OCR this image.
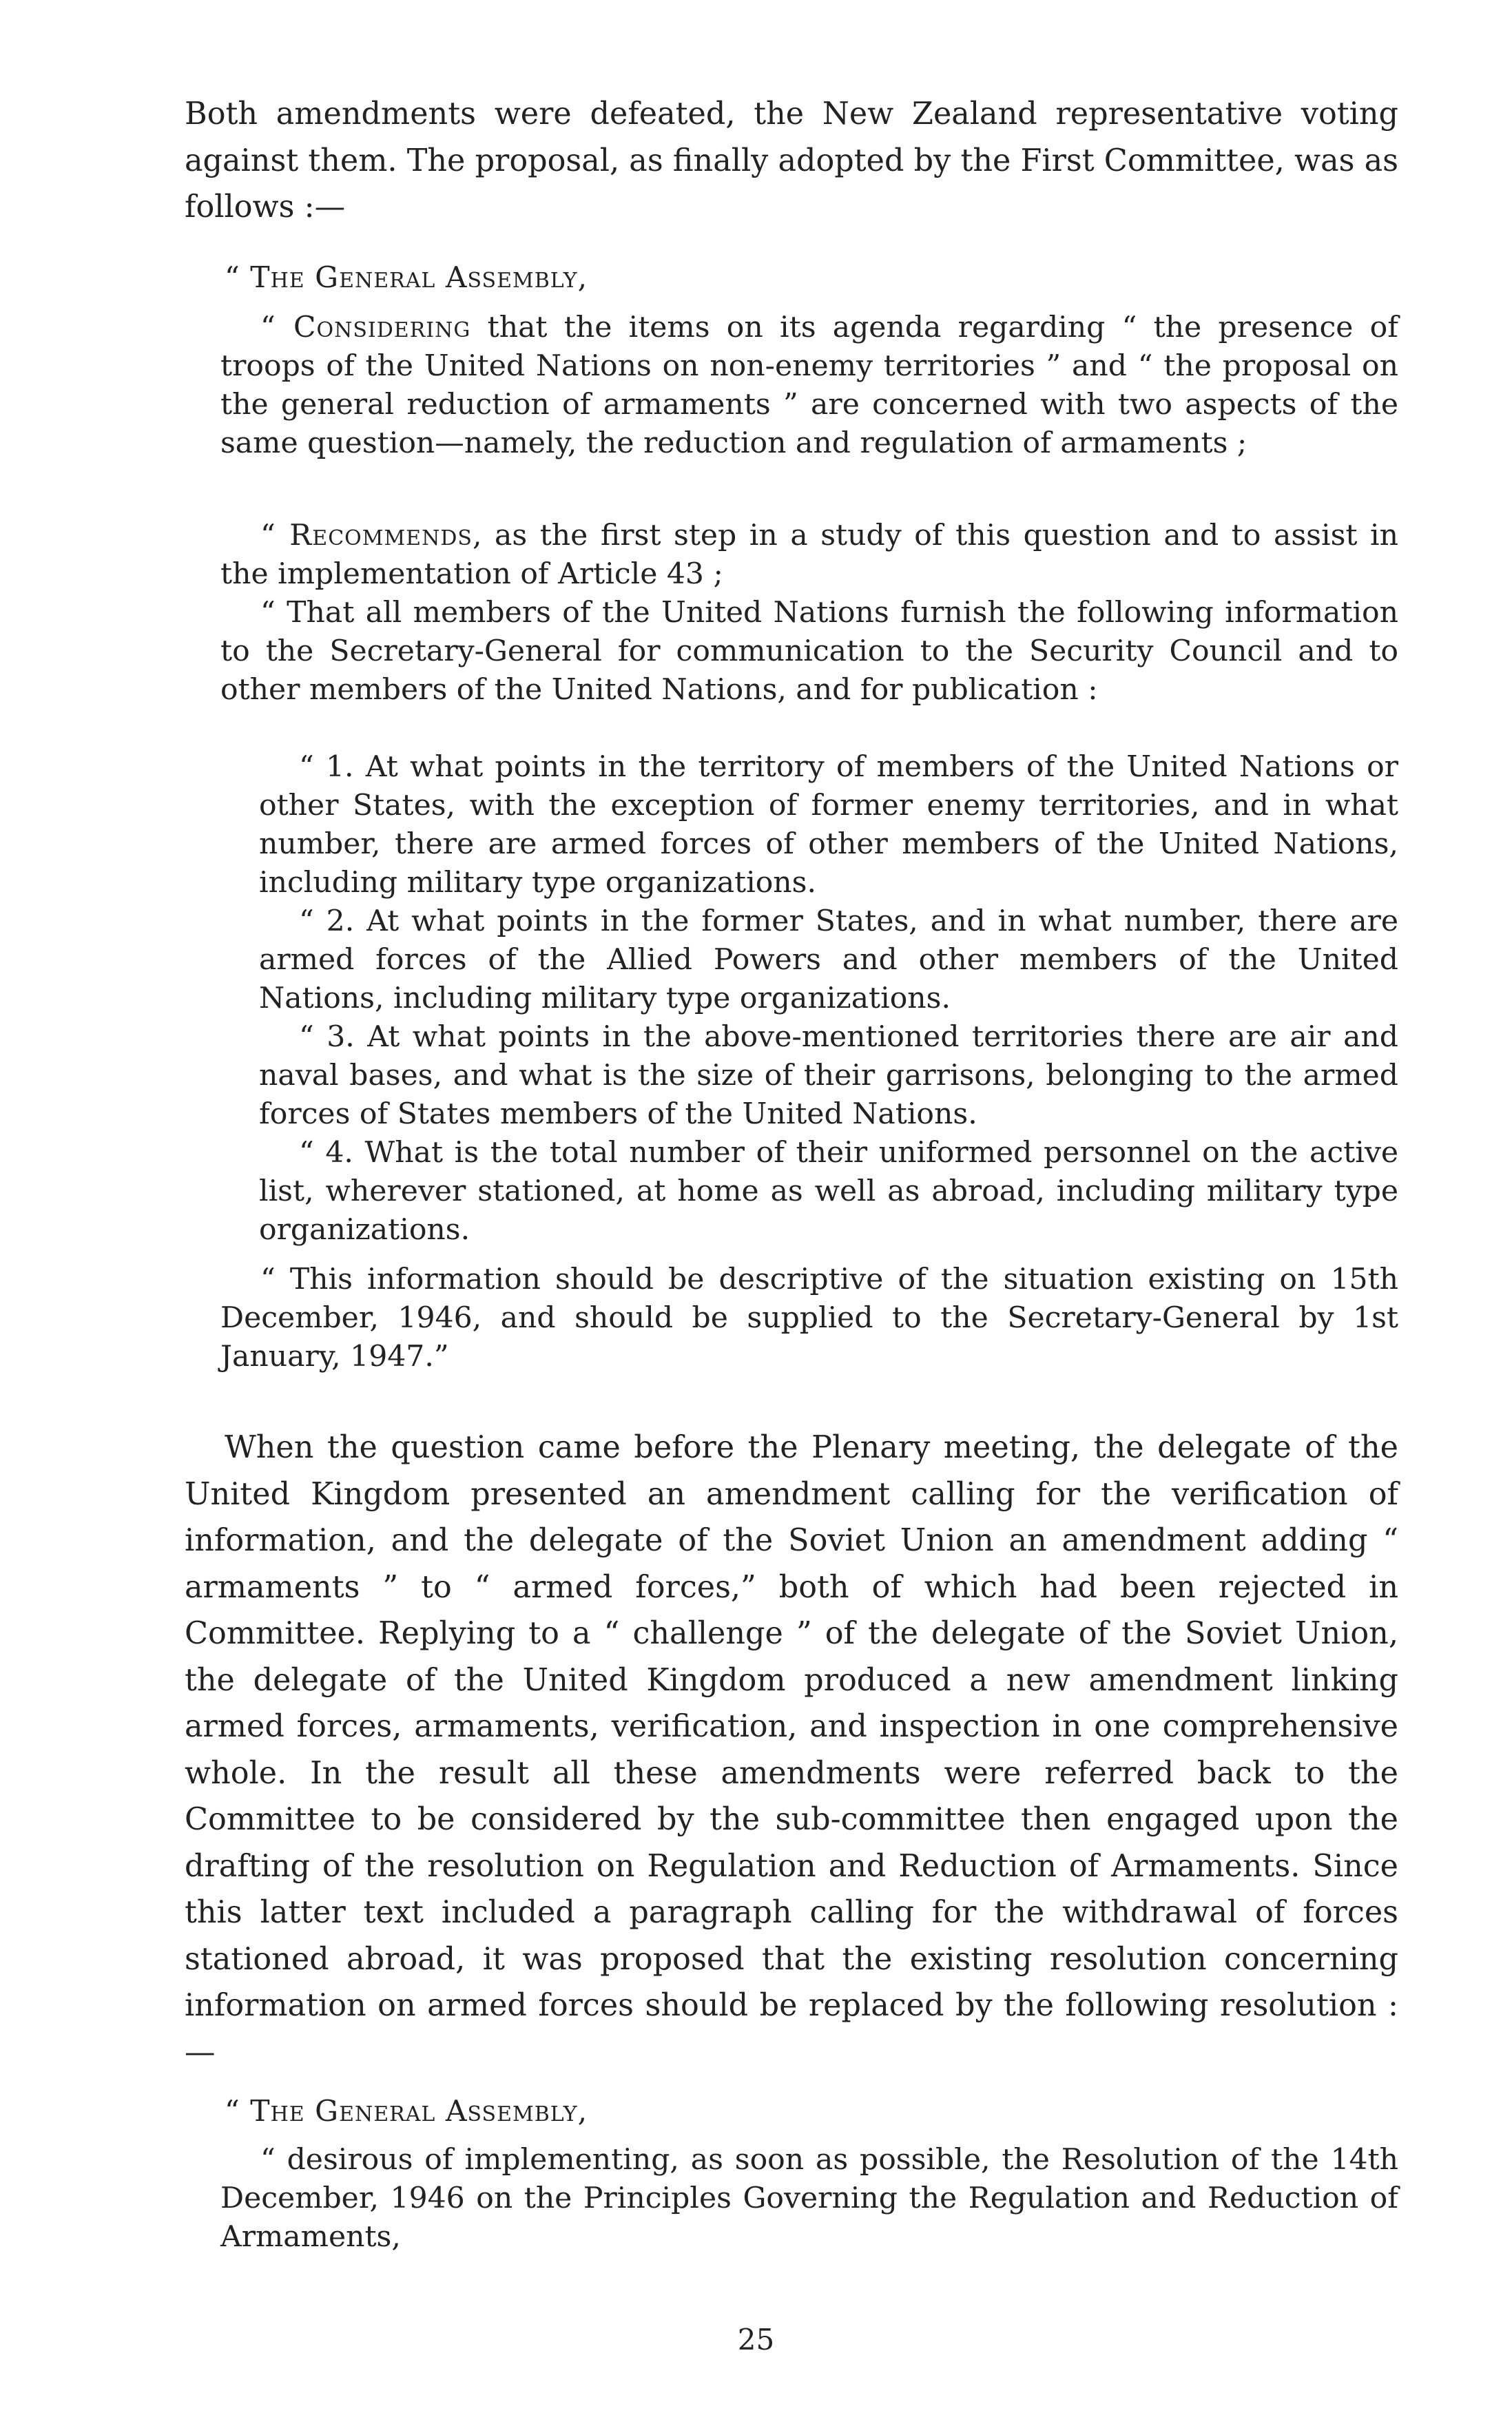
Both amendments were defeated, the New Zealand representative voting against them. The proposal, as finally adopted by the First Committee, was as follows :—

“ The General Assembly,

“ Considering that the items on its agenda regarding “ the presence of troops of the United Nations on non-enemy territories ” and “ the proposal on the general reduction of armaments ” are concerned with two aspects of the same question—namely, the reduction and regulation of armaments ;

“ Recommends, as the first step in a study of this question and to assist in the implementation of Article 43 ;

“ That all members of the United Nations furnish the following information to the Secretary-General for communication to the Security Council and to other members of the United Nations, and for publication :

“ 1. At what points in the territory of members of the United Nations or other States, with the exception of former enemy territories, and in what number, there are armed forces of other members of the United Nations, including military type organizations.

“ 2. At what points in the former States, and in what number, there are armed forces of the Allied Powers and other members of the United Nations, including military type organizations.

“ 3. At what points in the above-mentioned territories there are air and naval bases, and what is the size of their garrisons, belonging to the armed forces of States members of the United Nations.

“ 4. What is the total number of their uniformed personnel on the active list, wherever stationed, at home as well as abroad, including military type organizations.

“ This information should be descriptive of the situation existing on 15th December, 1946, and should be supplied to the Secretary-General by 1st January, 1947.”

When the question came before the Plenary meeting, the delegate of the United Kingdom presented an amendment calling for the verification of information, and the delegate of the Soviet Union an amendment adding “ armaments ” to “ armed forces,” both of which had been rejected in Committee. Replying to a “ challenge ” of the delegate of the Soviet Union, the delegate of the United Kingdom produced a new amendment linking armed forces, armaments, verification, and inspection in one comprehensive whole. In the result all these amendments were referred back to the Committee to be considered by the sub-committee then engaged upon the drafting of the resolution on Regulation and Reduction of Armaments. Since this latter text included a paragraph calling for the withdrawal of forces stationed abroad, it was proposed that the existing resolution concerning information on armed forces should be replaced by the following resolution :—

“ The General Assembly,

“ desirous of implementing, as soon as possible, the Resolution of the 14th December, 1946 on the Principles Governing the Regulation and Reduction of Armaments,

25
